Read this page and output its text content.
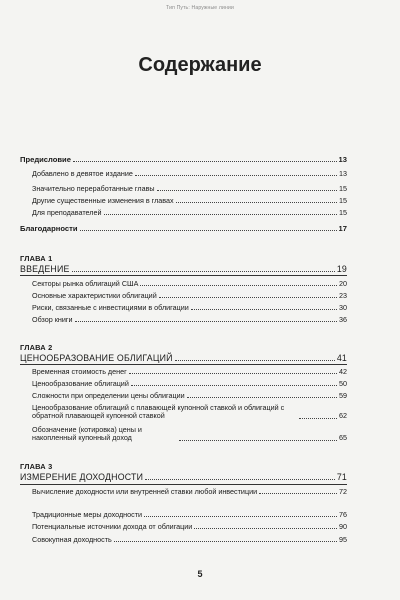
Тип Путь: Наружные линии
Содержание
Предисловие	13
Добавлено в девятое издание	13
Значительно переработанные главы	15
Другие существенные изменения в главах	15
Для преподавателей	15
Благодарности	17
ГЛАВА 1
ВВЕДЕНИЕ	19
Секторы рынка облигаций США	20
Основные характеристики облигаций	23
Риски, связанные с инвестициями в облигации	30
Обзор книги	36
ГЛАВА 2
ЦЕНООБРАЗОВАНИЕ ОБЛИГАЦИЙ	41
Временная стоимость денег	42
Ценообразование облигаций	50
Сложности при определении цены облигации	59
Ценообразование облигаций с плавающей купонной ставкой и облигаций с обратной плавающей купонной ставкой	62
Обозначение (котировка) цены и накопленный купонный доход	65
ГЛАВА 3
ИЗМЕРЕНИЕ ДОХОДНОСТИ	71
Вычисление доходности или внутренней ставки любой инвестиции	72
Традиционные меры доходности	76
Потенциальные источники дохода от облигации	90
Совокупная доходность	95
5
